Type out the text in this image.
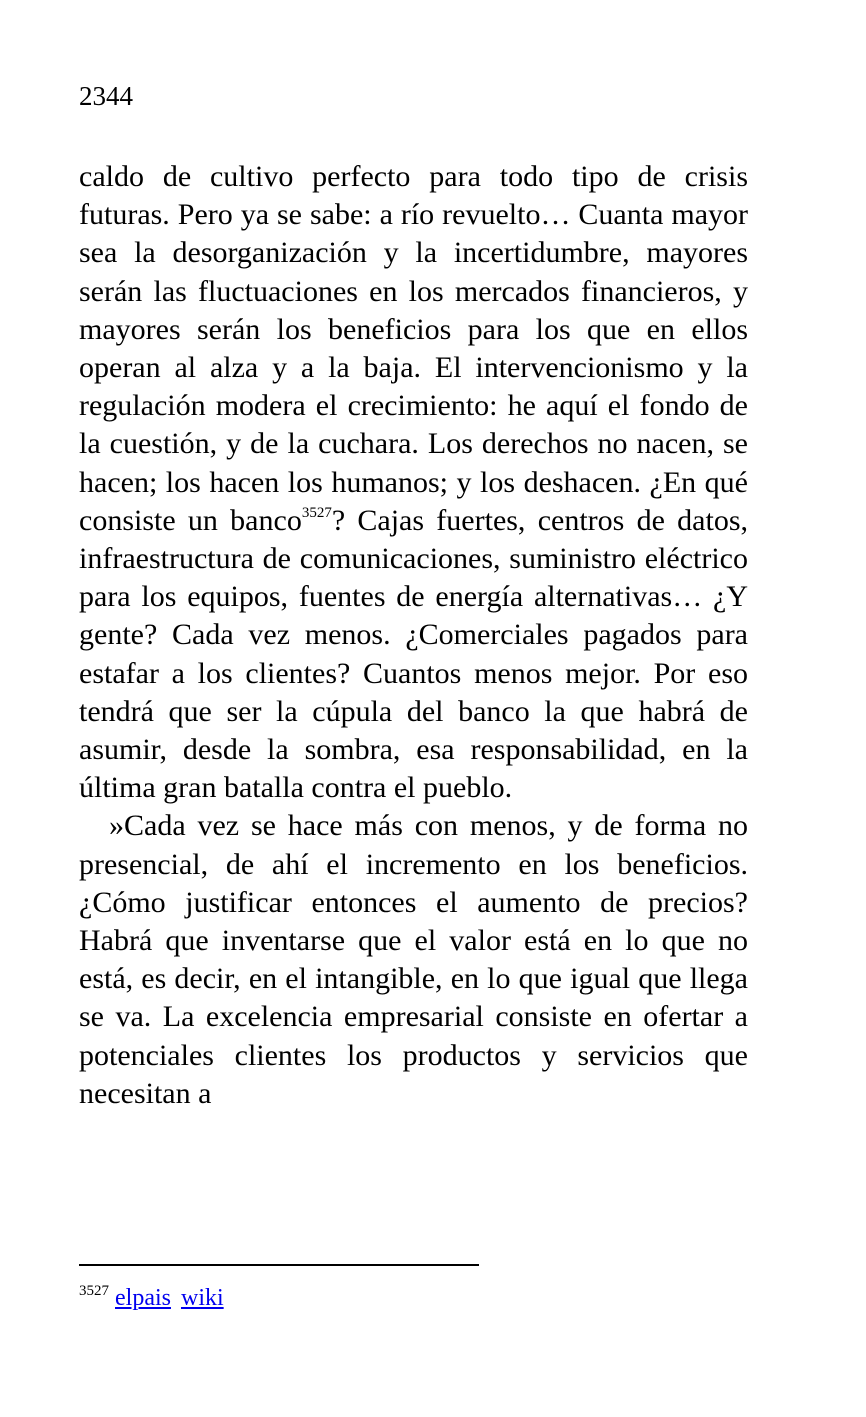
2344

caldo de cultivo perfecto para todo tipo de crisis futuras. Pero ya se sabe: a río revuelto… Cuanta mayor sea la desorganización y la incertidumbre, mayores serán las fluctuaciones en los mercados financieros, y mayores serán los beneficios para los que en ellos operan al alza y a la baja. El intervencionismo y la regulación modera el crecimiento: he aquí el fondo de la cuestión, y de la cuchara. Los derechos no nacen, se hacen; los hacen los humanos; y los deshacen. ¿En qué consiste un banco$^{3527}$? Cajas fuertes, centros de datos, infraestructura de comunicaciones, suministro eléctrico para los equipos, fuentes de energía alternativas… ¿Y gente? Cada vez menos. ¿Comerciales pagados para estafar a los clientes? Cuantos menos mejor. Por eso tendrá que ser la cúpula del banco la que habrá de asumir, desde la sombra, esa responsabilidad, en la última gran batalla contra el pueblo.

»Cada vez se hace más con menos, y de forma no presencial, de ahí el incremento en los beneficios. ¿Cómo justificar entonces el aumento de precios? Habrá que inventarse que el valor está en lo que no está, es decir, en el intangible, en lo que igual que llega se va. La excelencia empresarial consiste en ofertar a potenciales clientes los productos y servicios que necesitan a

$^{3527}$ elpais wiki
